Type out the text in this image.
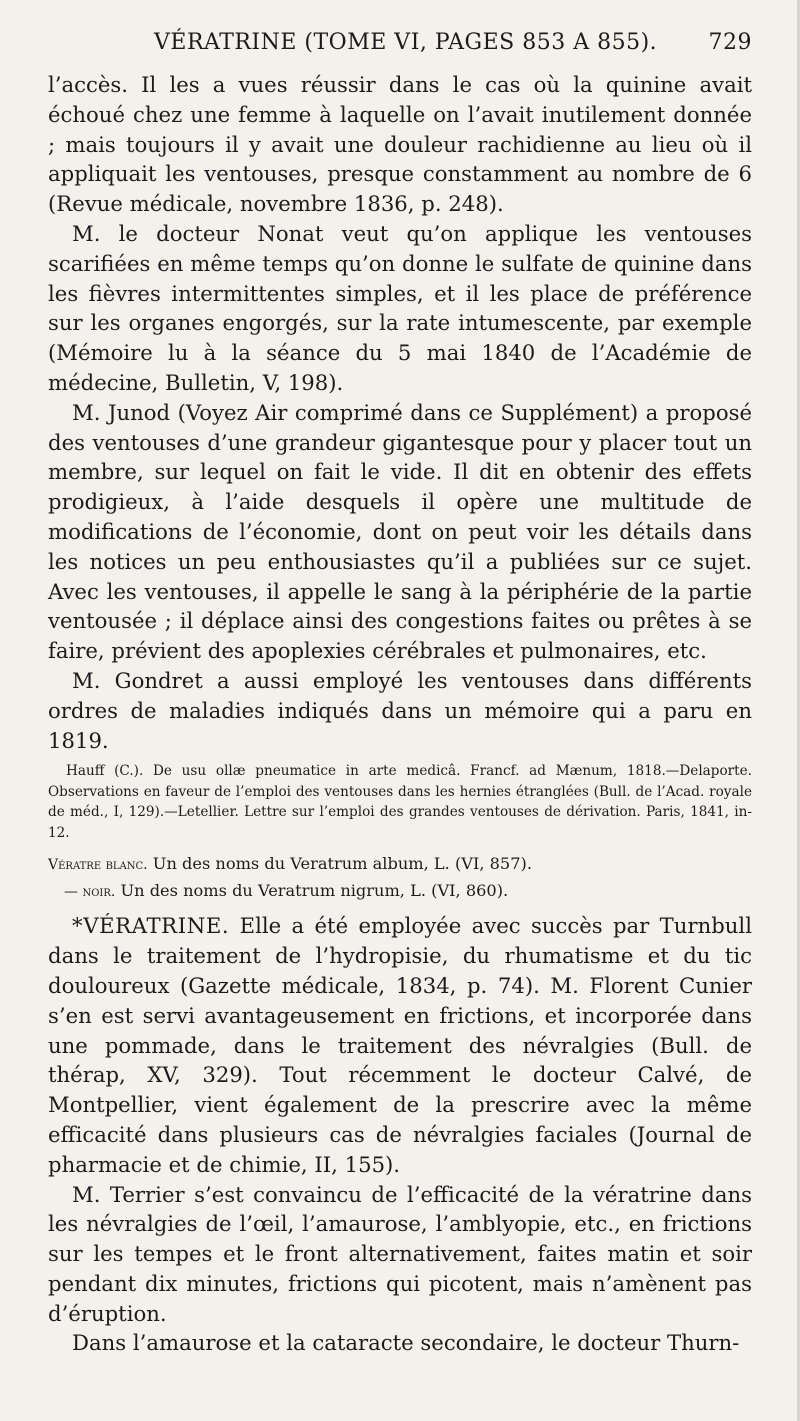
VÉRATRINE (TOME VI, PAGES 853 A 855). 729

l’accès. Il les a vues réussir dans le cas où la quinine avait échoué chez une femme à laquelle on l’avait inutilement donnée ; mais toujours il y avait une douleur rachidienne au lieu où il appliquait les ventouses, presque constamment au nombre de 6 (Revue médicale, novembre 1836, p. 248).

M. le docteur Nonat veut qu’on applique les ventouses scarifiées en même temps qu’on donne le sulfate de quinine dans les fièvres intermittentes simples, et il les place de préférence sur les organes engorgés, sur la rate intumescente, par exemple (Mémoire lu à la séance du 5 mai 1840 de l’Académie de médecine, Bulletin, V, 198).

M. Junod (Voyez Air comprimé dans ce Supplément) a proposé des ventouses d’une grandeur gigantesque pour y placer tout un membre, sur lequel on fait le vide. Il dit en obtenir des effets prodigieux, à l’aide desquels il opère une multitude de modifications de l’économie, dont on peut voir les détails dans les notices un peu enthousiastes qu’il a publiées sur ce sujet. Avec les ventouses, il appelle le sang à la périphérie de la partie ventousée ; il déplace ainsi des congestions faites ou prêtes à se faire, prévient des apoplexies cérébrales et pulmonaires, etc.

M. Gondret a aussi employé les ventouses dans différents ordres de maladies indiqués dans un mémoire qui a paru en 1819.

Hauff (C.). De usu ollæ pneumatice in arte medicâ. Francf. ad Mænum, 1818.—Delaporte. Observations en faveur de l’emploi des ventouses dans les hernies étranglées (Bull. de l’Acad. royale de méd., I, 129).—Letellier. Lettre sur l’emploi des grandes ventouses de dérivation. Paris, 1841, in-12.

Vératre blanc. Un des noms du Veratrum album, L. (VI, 857).

— noir. Un des noms du Veratrum nigrum, L. (VI, 860).

*VÉRATRINE. Elle a été employée avec succès par Turnbull dans le traitement de l’hydropisie, du rhumatisme et du tic douloureux (Gazette médicale, 1834, p. 74). M. Florent Cunier s’en est servi avantageusement en frictions, et incorporée dans une pommade, dans le traitement des névralgies (Bull. de thérap, XV, 329). Tout récemment le docteur Calvé, de Montpellier, vient également de la prescrire avec la même efficacité dans plusieurs cas de névralgies faciales (Journal de pharmacie et de chimie, II, 155).

M. Terrier s’est convaincu de l’efficacité de la vératrine dans les névralgies de l’œil, l’amaurose, l’amblyopie, etc., en frictions sur les tempes et le front alternativement, faites matin et soir pendant dix minutes, frictions qui picotent, mais n’amènent pas d’éruption.

Dans l’amaurose et la cataracte secondaire, le docteur Thurn-
